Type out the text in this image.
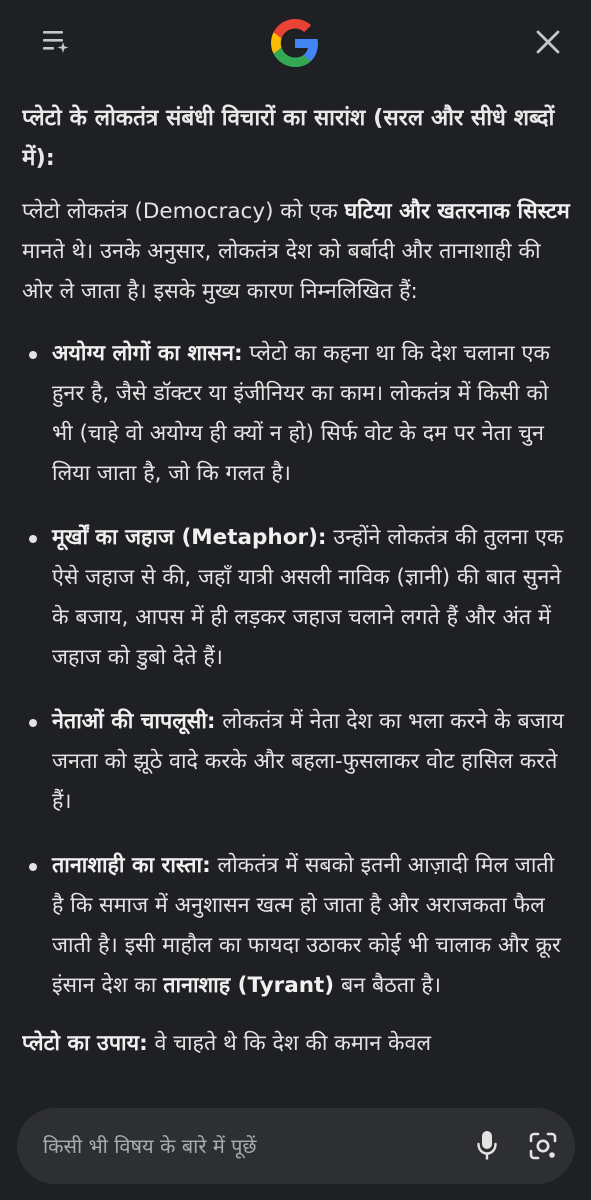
प्लेटो के लोकतंत्र संबंधी विचारों का सारांश (सरल और सीधे शब्दों में):

प्लेटो लोकतंत्र (Democracy) को एक घटिया और खतरनाक सिस्टम मानते थे। उनके अनुसार, लोकतंत्र देश को बर्बादी और तानाशाही की ओर ले जाता है। इसके मुख्य कारण निम्नलिखित हैं:

अयोग्य लोगों का शासन: प्लेटो का कहना था कि देश चलाना एक हुनर है, जैसे डॉक्टर या इंजीनियर का काम। लोकतंत्र में किसी को भी (चाहे वो अयोग्य ही क्यों न हो) सिर्फ वोट के दम पर नेता चुन लिया जाता है, जो कि गलत है।
मूर्खों का जहाज (Metaphor): उन्होंने लोकतंत्र की तुलना एक ऐसे जहाज से की, जहाँ यात्री असली नाविक (ज्ञानी) की बात सुनने के बजाय, आपस में ही लड़कर जहाज चलाने लगते हैं और अंत में जहाज को डुबो देते हैं।
नेताओं की चापलूसी: लोकतंत्र में नेता देश का भला करने के बजाय जनता को झूठे वादे करके और बहला-फुसलाकर वोट हासिल करते हैं।
तानाशाही का रास्ता: लोकतंत्र में सबको इतनी आज़ादी मिल जाती है कि समाज में अनुशासन खत्म हो जाता है और अराजकता फैल जाती है। इसी माहौल का फायदा उठाकर कोई भी चालाक और क्रूर इंसान देश का तानाशाह (Tyrant) बन बैठता है।

प्लेटो का उपाय: वे चाहते थे कि देश की कमान केवल

किसी भी विषय के बारे में पूछें
